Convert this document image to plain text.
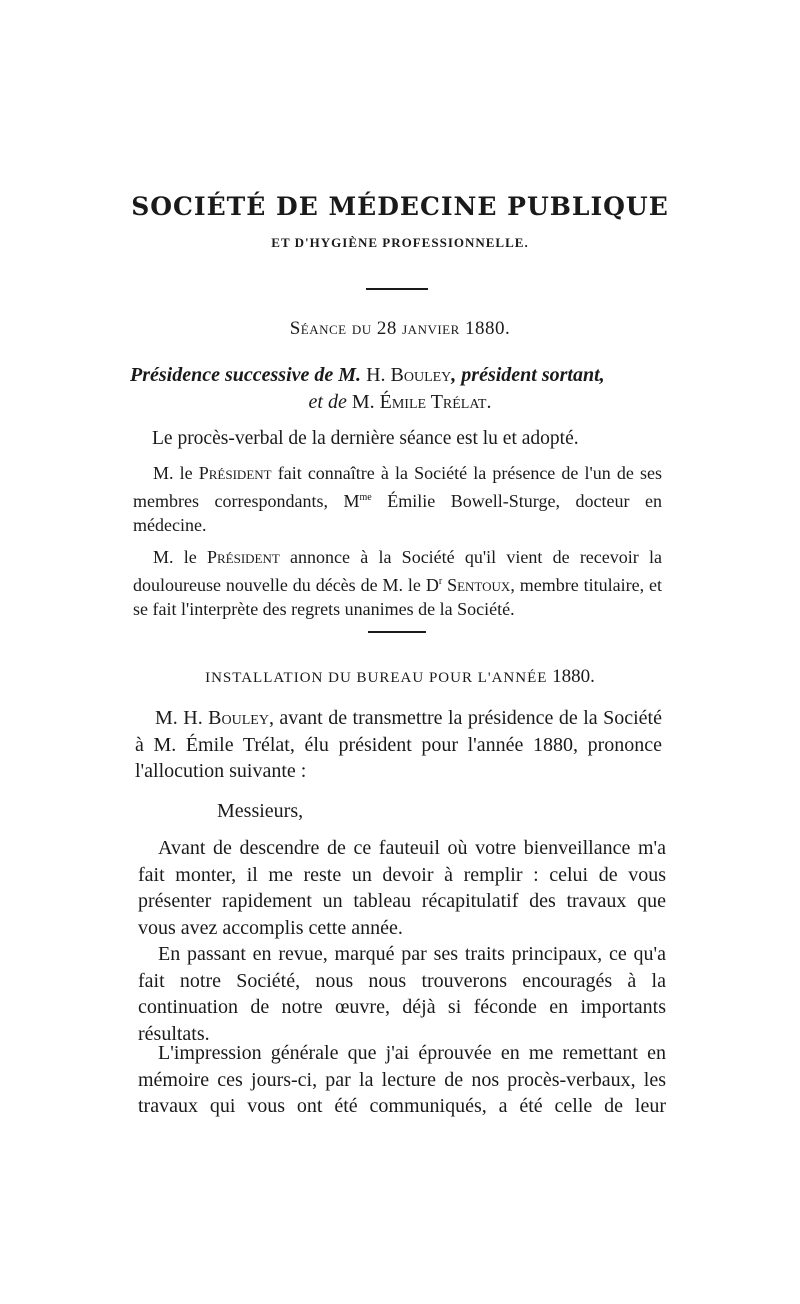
SOCIÉTÉ DE MÉDECINE PUBLIQUE
ET D'HYGIÈNE PROFESSIONNELLE.
Séance du 28 janvier 1880.
Présidence successive de M. H. Bouley, président sortant,
et de M. Émile Trélat.
Le procès-verbal de la dernière séance est lu et adopté.
M. le Président fait connaître à la Société la présence de l'un de ses membres correspondants, $M^{me}$ Émilie Bowell-Sturge, docteur en médecine.
M. le Président annonce à la Société qu'il vient de recevoir la douloureuse nouvelle du décès de M. le $D^r$ Sentoux, membre titulaire, et se fait l'interprète des regrets unanimes de la Société.
INSTALLATION DU BUREAU POUR L'ANNÉE 1880.
M. H. Bouley, avant de transmettre la présidence de la Société à M. Émile Trélat, élu président pour l'année 1880, prononce l'allocution suivante :
Messieurs,
Avant de descendre de ce fauteuil où votre bienveillance m'a fait monter, il me reste un devoir à remplir : celui de vous présenter rapidement un tableau récapitulatif des travaux que vous avez accomplis cette année.
En passant en revue, marqué par ses traits principaux, ce qu'a fait notre Société, nous nous trouverons encouragés à la continuation de notre œuvre, déjà si féconde en importants résultats.
L'impression générale que j'ai éprouvée en me remettant en mémoire ces jours-ci, par la lecture de nos procès-verbaux, les travaux qui vous ont été communiqués, a été celle de leur
